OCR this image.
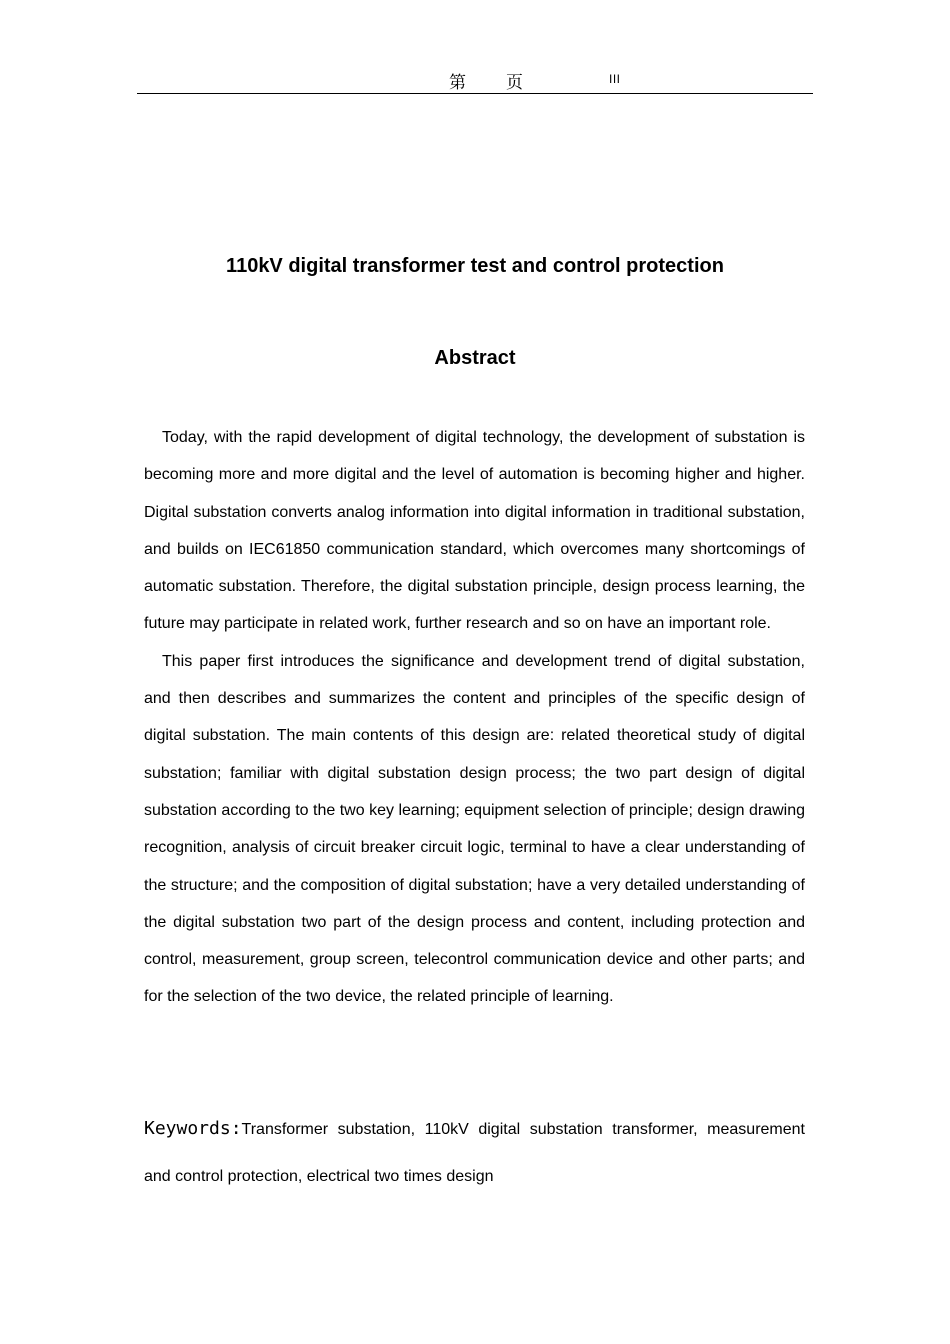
第 页	III
110kV digital transformer test and control protection
Abstract

Today, with the rapid development of digital technology, the development of substation is becoming more and more digital and the level of automation is becoming higher and higher. Digital substation converts analog information into digital information in traditional substation, and builds on IEC61850 communication standard, which overcomes many shortcomings of automatic substation. Therefore, the digital substation principle, design process learning, the future may participate in related work, further research and so on have an important role.

This paper first introduces the significance and development trend of digital substation, and then describes and summarizes the content and principles of the specific design of digital substation. The main contents of this design are: related theoretical study of digital substation; familiar with digital substation design process; the two part design of digital substation according to the two key learning; equipment selection of principle; design drawing recognition, analysis of circuit breaker circuit logic, terminal to have a clear understanding of the structure; and the composition of digital substation; have a very detailed understanding of the digital substation two part of the design process and content, including protection and control, measurement, group screen, telecontrol communication device and other parts; and for the selection of the two device, the related principle of learning.

Keywords:Transformer substation, 110kV digital substation transformer, measurement and control protection, electrical two times design
